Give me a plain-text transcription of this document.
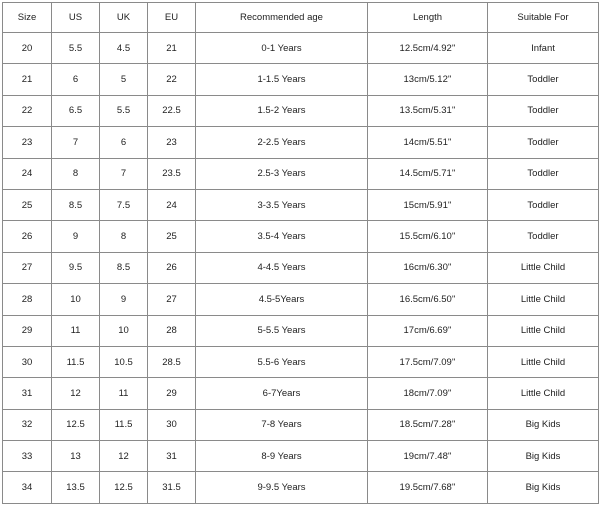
Size	US	UK	EU	Recommended age	Length	Suitable For
20	5.5	4.5	21	0-1 Years	12.5cm/4.92''	Infant
21	6	5	22	1-1.5 Years	13cm/5.12''	Toddler
22	6.5	5.5	22.5	1.5-2 Years	13.5cm/5.31''	Toddler
23	7	6	23	2-2.5 Years	14cm/5.51''	Toddler
24	8	7	23.5	2.5-3 Years	14.5cm/5.71''	Toddler
25	8.5	7.5	24	3-3.5 Years	15cm/5.91''	Toddler
26	9	8	25	3.5-4 Years	15.5cm/6.10''	Toddler
27	9.5	8.5	26	4-4.5 Years	16cm/6.30''	Little Child
28	10	9	27	4.5-5Years	16.5cm/6.50''	Little Child
29	11	10	28	5-5.5 Years	17cm/6.69''	Little Child
30	11.5	10.5	28.5	5.5-6 Years	17.5cm/7.09''	Little Child
31	12	11	29	6-7Years	18cm/7.09''	Little Child
32	12.5	11.5	30	7-8 Years	18.5cm/7.28''	Big Kids
33	13	12	31	8-9 Years	19cm/7.48''	Big Kids
34	13.5	12.5	31.5	9-9.5 Years	19.5cm/7.68''	Big Kids
